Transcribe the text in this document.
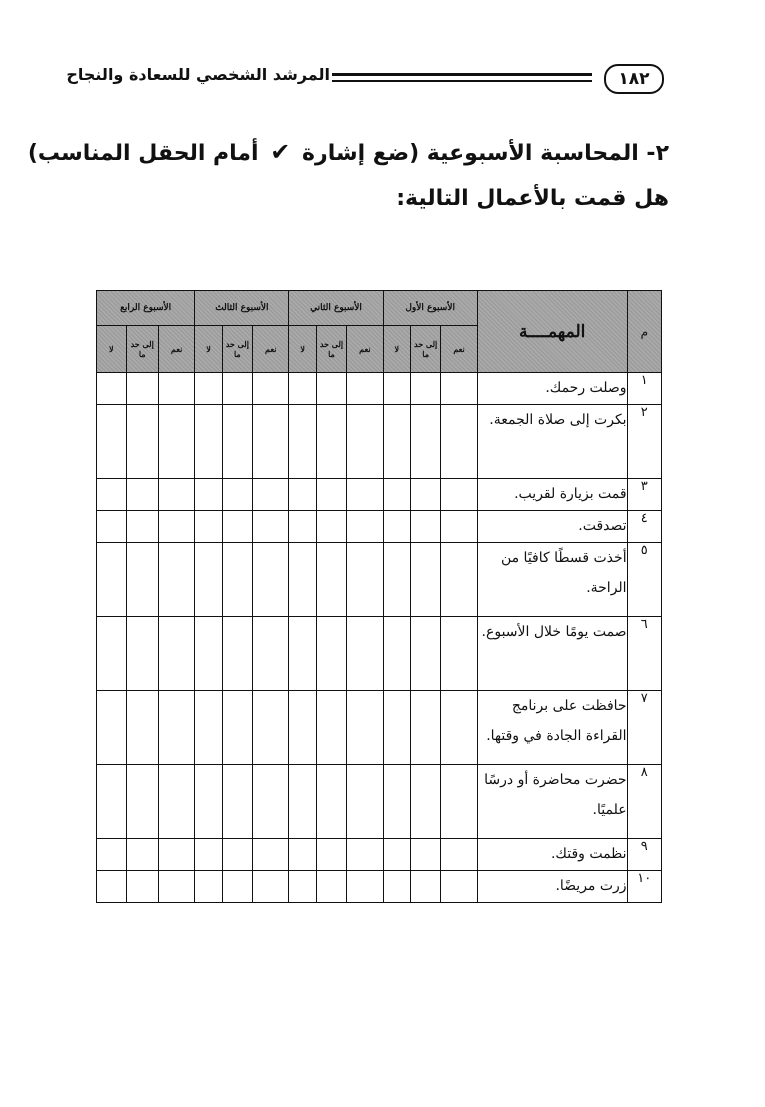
١٨٢
المرشد الشخصي للسعادة والنجاح
٢- المحاسبة الأسبوعية (ضع إشارة ✔ أمام الحقل المناسب)
هل قمت بالأعمال التالية:
م	المهمــــة	الأسبوع الأول			الأسبوع الثاني			الأسبوع الثالث			الأسبوع الرابع		
		نعم	إلى حد ما	لا	نعم	إلى حد ما	لا	نعم	إلى حد ما	لا	نعم	إلى حد ما	لا
١	وصلت رحمك.												
٢	بكرت إلى صلاة الجمعة.												
٣	قمت بزيارة لقريب.												
٤	تصدقت.												
٥	أخذت قسطًا كافيًا من الراحة.												
٦	صمت يومًا خلال الأسبوع.												
٧	حافظت على برنامج القراءة الجادة في وقتها.												
٨	حضرت محاضرة أو درسًا علميًا.												
٩	نظمت وقتك.												
١٠	زرت مريضًا.												
